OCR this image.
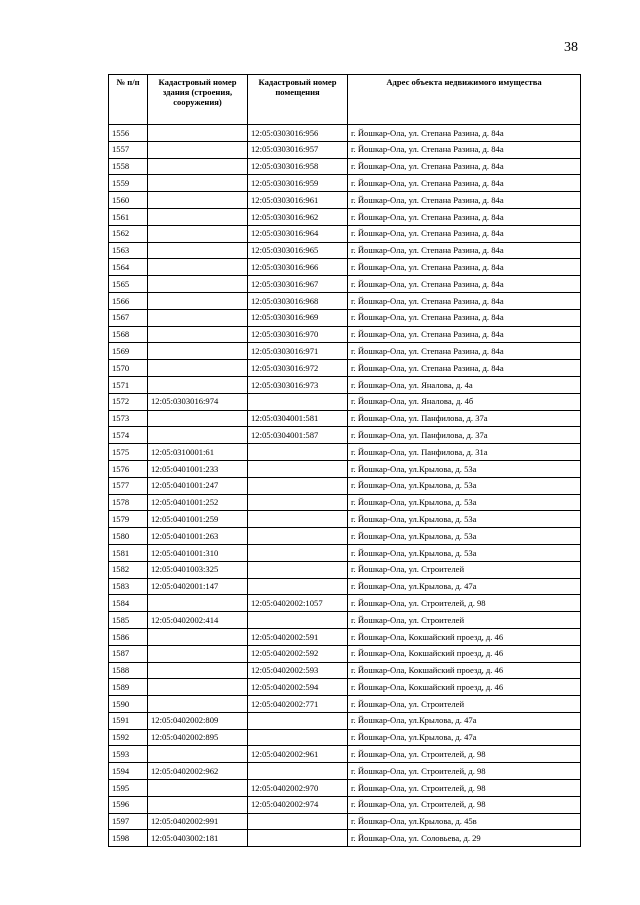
38
№ п/п	Кадастровый номер здания (строения, сооружения)	Кадастровый номер помещения	Адрес объекта недвижимого имущества
1556		12:05:0303016:956	г. Йошкар-Ола, ул. Степана Разина, д. 84а
1557		12:05:0303016:957	г. Йошкар-Ола, ул. Степана Разина, д. 84а
1558		12:05:0303016:958	г. Йошкар-Ола, ул. Степана Разина, д. 84а
1559		12:05:0303016:959	г. Йошкар-Ола, ул. Степана Разина, д. 84а
1560		12:05:0303016:961	г. Йошкар-Ола, ул. Степана Разина, д. 84а
1561		12:05:0303016:962	г. Йошкар-Ола, ул. Степана Разина, д. 84а
1562		12:05:0303016:964	г. Йошкар-Ола, ул. Степана Разина, д. 84а
1563		12:05:0303016:965	г. Йошкар-Ола, ул. Степана Разина, д. 84а
1564		12:05:0303016:966	г. Йошкар-Ола, ул. Степана Разина, д. 84а
1565		12:05:0303016:967	г. Йошкар-Ола, ул. Степана Разина, д. 84а
1566		12:05:0303016:968	г. Йошкар-Ола, ул. Степана Разина, д. 84а
1567		12:05:0303016:969	г. Йошкар-Ола, ул. Степана Разина, д. 84а
1568		12:05:0303016:970	г. Йошкар-Ола, ул. Степана Разина, д. 84а
1569		12:05:0303016:971	г. Йошкар-Ола, ул. Степана Разина, д. 84а
1570		12:05:0303016:972	г. Йошкар-Ола, ул. Степана Разина, д. 84а
1571		12:05:0303016:973	г. Йошкар-Ола, ул. Яналова, д. 4а
1572	12:05:0303016:974		г. Йошкар-Ола, ул. Яналова, д. 4б
1573		12:05:0304001:581	г. Йошкар-Ола, ул. Панфилова, д. 37а
1574		12:05:0304001:587	г. Йошкар-Ола, ул. Панфилова, д. 37а
1575	12:05:0310001:61		г. Йошкар-Ола, ул. Панфилова, д. 31а
1576	12:05:0401001:233		г. Йошкар-Ола, ул.Крылова, д. 53а
1577	12:05:0401001:247		г. Йошкар-Ола, ул.Крылова, д. 53а
1578	12:05:0401001:252		г. Йошкар-Ола, ул.Крылова, д. 53а
1579	12:05:0401001:259		г. Йошкар-Ола, ул.Крылова, д. 53а
1580	12:05:0401001:263		г. Йошкар-Ола, ул.Крылова, д. 53а
1581	12:05:0401001:310		г. Йошкар-Ола, ул.Крылова, д. 53а
1582	12:05:0401003:325		г. Йошкар-Ола, ул. Строителей
1583	12:05:0402001:147		г. Йошкар-Ола, ул.Крылова, д. 47а
1584		12:05:0402002:1057	г. Йошкар-Ола, ул. Строителей, д. 98
1585	12:05:0402002:414		г. Йошкар-Ола, ул. Строителей
1586		12:05:0402002:591	г. Йошкар-Ола, Кокшайский проезд, д. 46
1587		12:05:0402002:592	г. Йошкар-Ола, Кокшайский проезд, д. 46
1588		12:05:0402002:593	г. Йошкар-Ола, Кокшайский проезд, д. 46
1589		12:05:0402002:594	г. Йошкар-Ола, Кокшайский проезд, д. 46
1590		12:05:0402002:771	г. Йошкар-Ола, ул. Строителей
1591	12:05:0402002:809		г. Йошкар-Ола, ул.Крылова, д. 47а
1592	12:05:0402002:895		г. Йошкар-Ола, ул.Крылова, д. 47а
1593		12:05:0402002:961	г. Йошкар-Ола, ул. Строителей, д. 98
1594	12:05:0402002:962		г. Йошкар-Ола, ул. Строителей, д. 98
1595		12:05:0402002:970	г. Йошкар-Ола, ул. Строителей, д. 98
1596		12:05:0402002:974	г. Йошкар-Ола, ул. Строителей, д. 98
1597	12:05:0402002:991		г. Йошкар-Ола, ул.Крылова, д. 45в
1598	12:05:0403002:181		г. Йошкар-Ола, ул. Соловьева, д. 29
